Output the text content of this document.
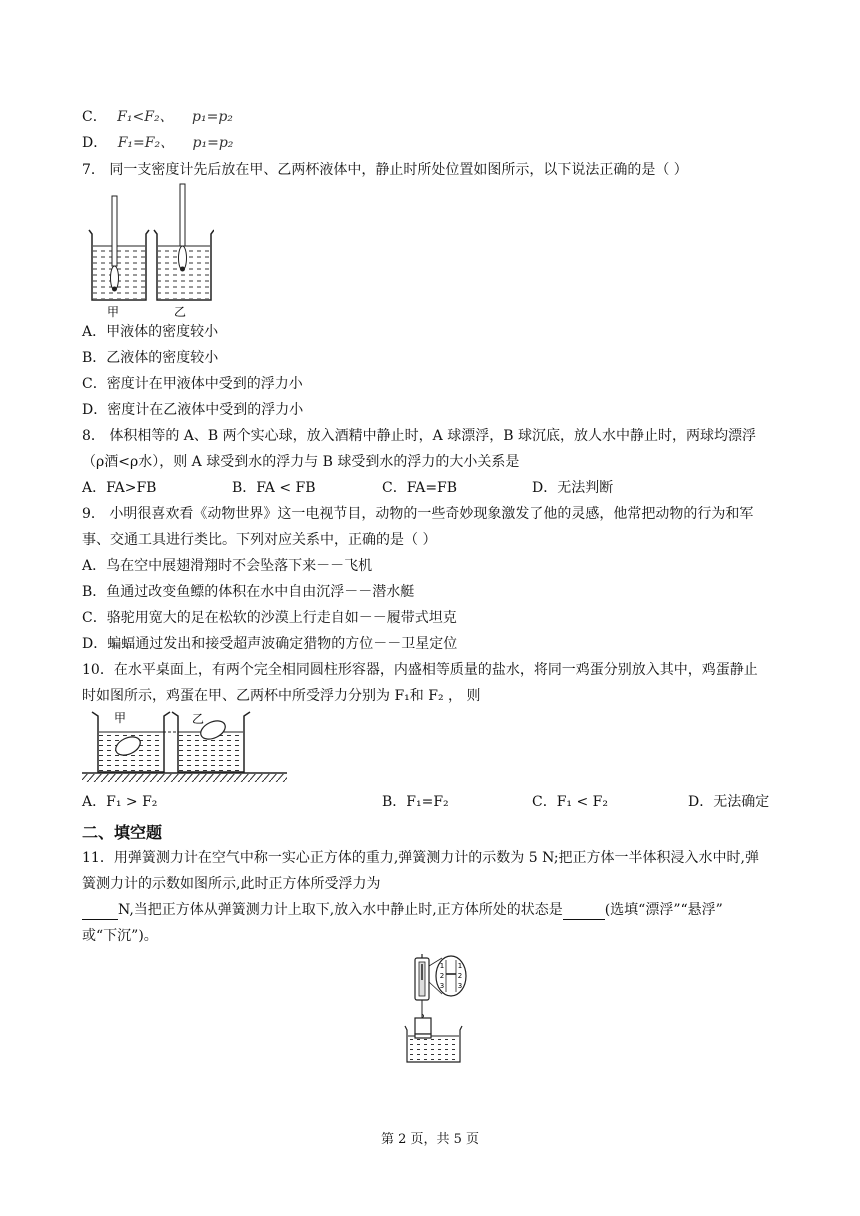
C． F₁<F₂、 p₁=p₂
D． F₁=F₂、 p₁=p₂
7． 同一支密度计先后放在甲、乙两杯液体中，静止时所处位置如图所示，以下说法正确的是（ ）
甲	乙
A．甲液体的密度较小
B．乙液体的密度较小
C．密度计在甲液体中受到的浮力小
D．密度计在乙液体中受到的浮力小
8． 体积相等的 A、B 两个实心球，放入酒精中静止时，A 球漂浮，B 球沉底，放人水中静止时，两球均漂浮
（ρ酒<ρ水），则 A 球受到水的浮力与 B 球受到水的浮力的大小关系是
A．FA>FB	B．FA < FB	C．FA=FB	D．无法判断
9． 小明很喜欢看《动物世界》这一电视节目，动物的一些奇妙现象激发了他的灵感，他常把动物的行为和军
事、交通工具进行类比。下列对应关系中，正确的是（ ）
A．鸟在空中展翅滑翔时不会坠落下来－－飞机
B．鱼通过改变鱼鳔的体积在水中自由沉浮－－潜水艇
C．骆驼用宽大的足在松软的沙漠上行走自如－－履带式坦克
D．蝙蝠通过发出和接受超声波确定猎物的方位－－卫星定位
10．在水平桌面上，有两个完全相同圆柱形容器，内盛相等质量的盐水，将同一鸡蛋分别放入其中，鸡蛋静止
时如图所示，鸡蛋在甲、乙两杯中所受浮力分别为 F₁和 F₂ ， 则
甲	乙
A．F₁ > F₂	B．F₁=F₂	C．F₁ < F₂	D．无法确定
二、填空题
11．用弹簧测力计在空气中称一实心正方体的重力,弹簧测力计的示数为 5 N;把正方体一半体积浸入水中时,弹
簧测力计的示数如图所示,此时正方体所受浮力为
N,当把正方体从弹簧测力计上取下,放入水中静止时,正方体所处的状态是	(选填“漂浮”“悬浮”
或“下沉”)。
1
2
3
1
2
3
第 2 页，共 5 页
